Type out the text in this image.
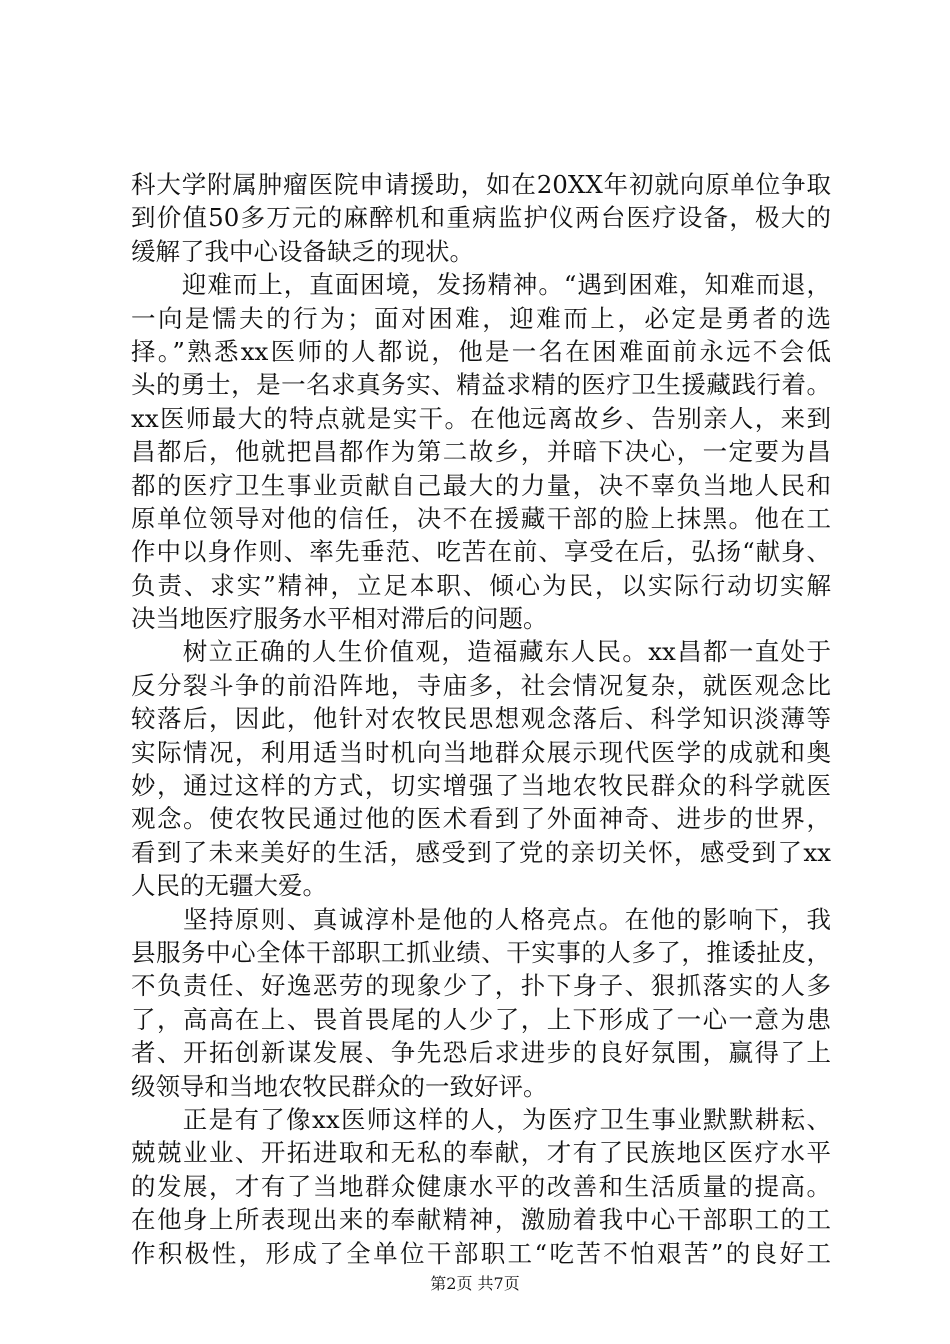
科大学附属肿瘤医院申请援助，如在20XX年初就向原单位争取
到价值50多万元的麻醉机和重病监护仪两台医疗设备，极大的
缓解了我中心设备缺乏的现状。
　　迎难而上，直面困境，发扬精神。“遇到困难，知难而退，
一向是懦夫的行为；面对困难，迎难而上，必定是勇者的选
择。”熟悉xx医师的人都说，他是一名在困难面前永远不会低
头的勇士，是一名求真务实、精益求精的医疗卫生援藏践行着。
xx医师最大的特点就是实干。在他远离故乡、告别亲人，来到
昌都后，他就把昌都作为第二故乡，并暗下决心，一定要为昌
都的医疗卫生事业贡献自己最大的力量，决不辜负当地人民和
原单位领导对他的信任，决不在援藏干部的脸上抹黑。他在工
作中以身作则、率先垂范、吃苦在前、享受在后，弘扬“献身、
负责、求实”精神，立足本职、倾心为民，以实际行动切实解
决当地医疗服务水平相对滞后的问题。
　　树立正确的人生价值观，造福藏东人民。xx昌都一直处于
反分裂斗争的前沿阵地，寺庙多，社会情况复杂，就医观念比
较落后，因此，他针对农牧民思想观念落后、科学知识淡薄等
实际情况，利用适当时机向当地群众展示现代医学的成就和奥
妙，通过这样的方式，切实增强了当地农牧民群众的科学就医
观念。使农牧民通过他的医术看到了外面神奇、进步的世界，
看到了未来美好的生活，感受到了党的亲切关怀，感受到了xx
人民的无疆大爱。
　　坚持原则、真诚淳朴是他的人格亮点。在他的影响下，我
县服务中心全体干部职工抓业绩、干实事的人多了，推诿扯皮，
不负责任、好逸恶劳的现象少了，扑下身子、狠抓落实的人多
了，高高在上、畏首畏尾的人少了，上下形成了一心一意为患
者、开拓创新谋发展、争先恐后求进步的良好氛围，赢得了上
级领导和当地农牧民群众的一致好评。
　　正是有了像xx医师这样的人，为医疗卫生事业默默耕耘、
兢兢业业、开拓进取和无私的奉献，才有了民族地区医疗水平
的发展，才有了当地群众健康水平的改善和生活质量的提高。
在他身上所表现出来的奉献精神，激励着我中心干部职工的工
作积极性，形成了全单位干部职工“吃苦不怕艰苦”的良好工
第2页 共7页
